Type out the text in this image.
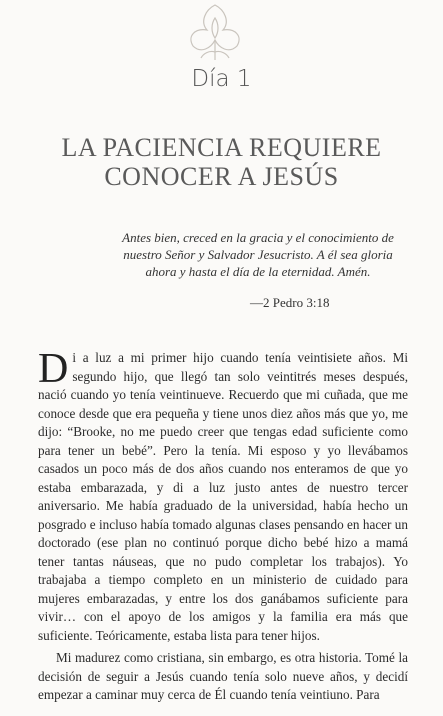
Día 1
LA PACIENCIA REQUIERE
CONOCER A JESÚS
Antes bien, creced en la gracia y el conocimiento de nuestro Señor y Salvador Jesucristo. A él sea gloria ahora y hasta el día de la eternidad. Amén.
—2 Pedro 3:18

Di a luz a mi primer hijo cuando tenía veintisiete años. Mi segundo hijo, que llegó tan solo veintitrés meses después, nació cuando yo tenía veintinueve. Recuerdo que mi cuñada, que me conoce desde que era pequeña y tiene unos diez años más que yo, me dijo: “Brooke, no me puedo creer que tengas edad suficiente como para tener un bebé”. Pero la tenía. Mi esposo y yo llevábamos casados un poco más de dos años cuando nos enteramos de que yo estaba embarazada, y di a luz justo antes de nuestro tercer aniversario. Me había graduado de la universidad, había hecho un posgrado e incluso había tomado algunas clases pensando en hacer un doctorado (ese plan no continuó porque dicho bebé hizo a mamá tener tantas náuseas, que no pudo completar los trabajos). Yo trabajaba a tiempo completo en un ministerio de cuidado para mujeres embarazadas, y entre los dos ganábamos suficiente para vivir… con el apoyo de los amigos y la familia era más que suficiente. Teóricamente, estaba lista para tener hijos.

Mi madurez como cristiana, sin embargo, es otra historia. Tomé la decisión de seguir a Jesús cuando tenía solo nueve años, y decidí empezar a caminar muy cerca de Él cuando tenía veintiuno. Para
